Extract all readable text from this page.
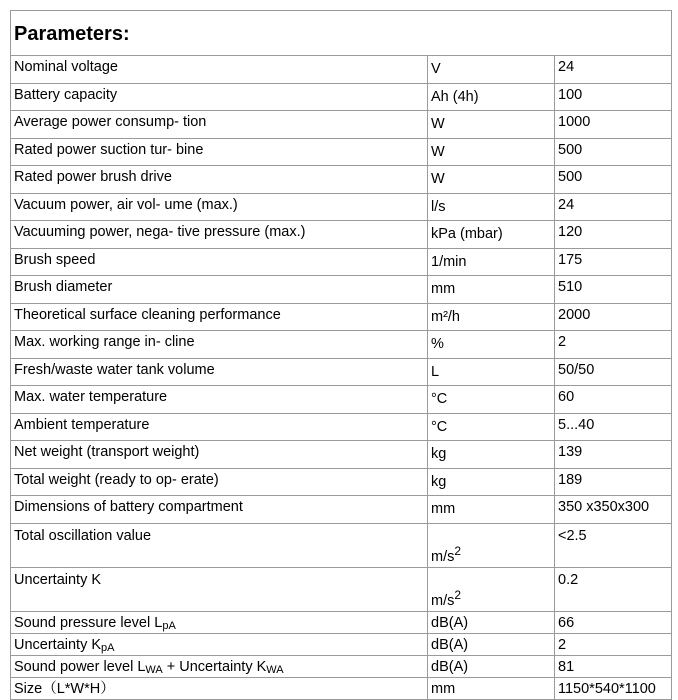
Parameters:		
Nominal voltage	V	24
Battery capacity	Ah (4h)	100
Average power consump- tion	W	1000
Rated power suction tur- bine	W	500
Rated power brush drive	W	500
Vacuum power, air vol- ume (max.)	l/s	24
Vacuuming power, nega- tive pressure (max.)	kPa (mbar)	120
Brush speed	1/min	175
Brush diameter	mm	510
Theoretical surface cleaning performance	m²/h	2000
Max. working range in- cline	%	2
Fresh/waste water tank volume	L	50/50
Max. water temperature	°C	60
Ambient temperature	°C	5...40
Net weight (transport weight)	kg	139
Total weight (ready to op- erate)	kg	189
Dimensions of battery compartment	mm	350 x350x300
Total oscillation value	$m/s^2$	<2.5
Uncertainty K	$m/s^2$	0.2
Sound pressure level LpA	dB(A)	66
Uncertainty KpA	dB(A)	2
Sound power level LWA + Uncertainty KWA	dB(A)	81
Size（L*W*H）	mm	1150*540*1100
